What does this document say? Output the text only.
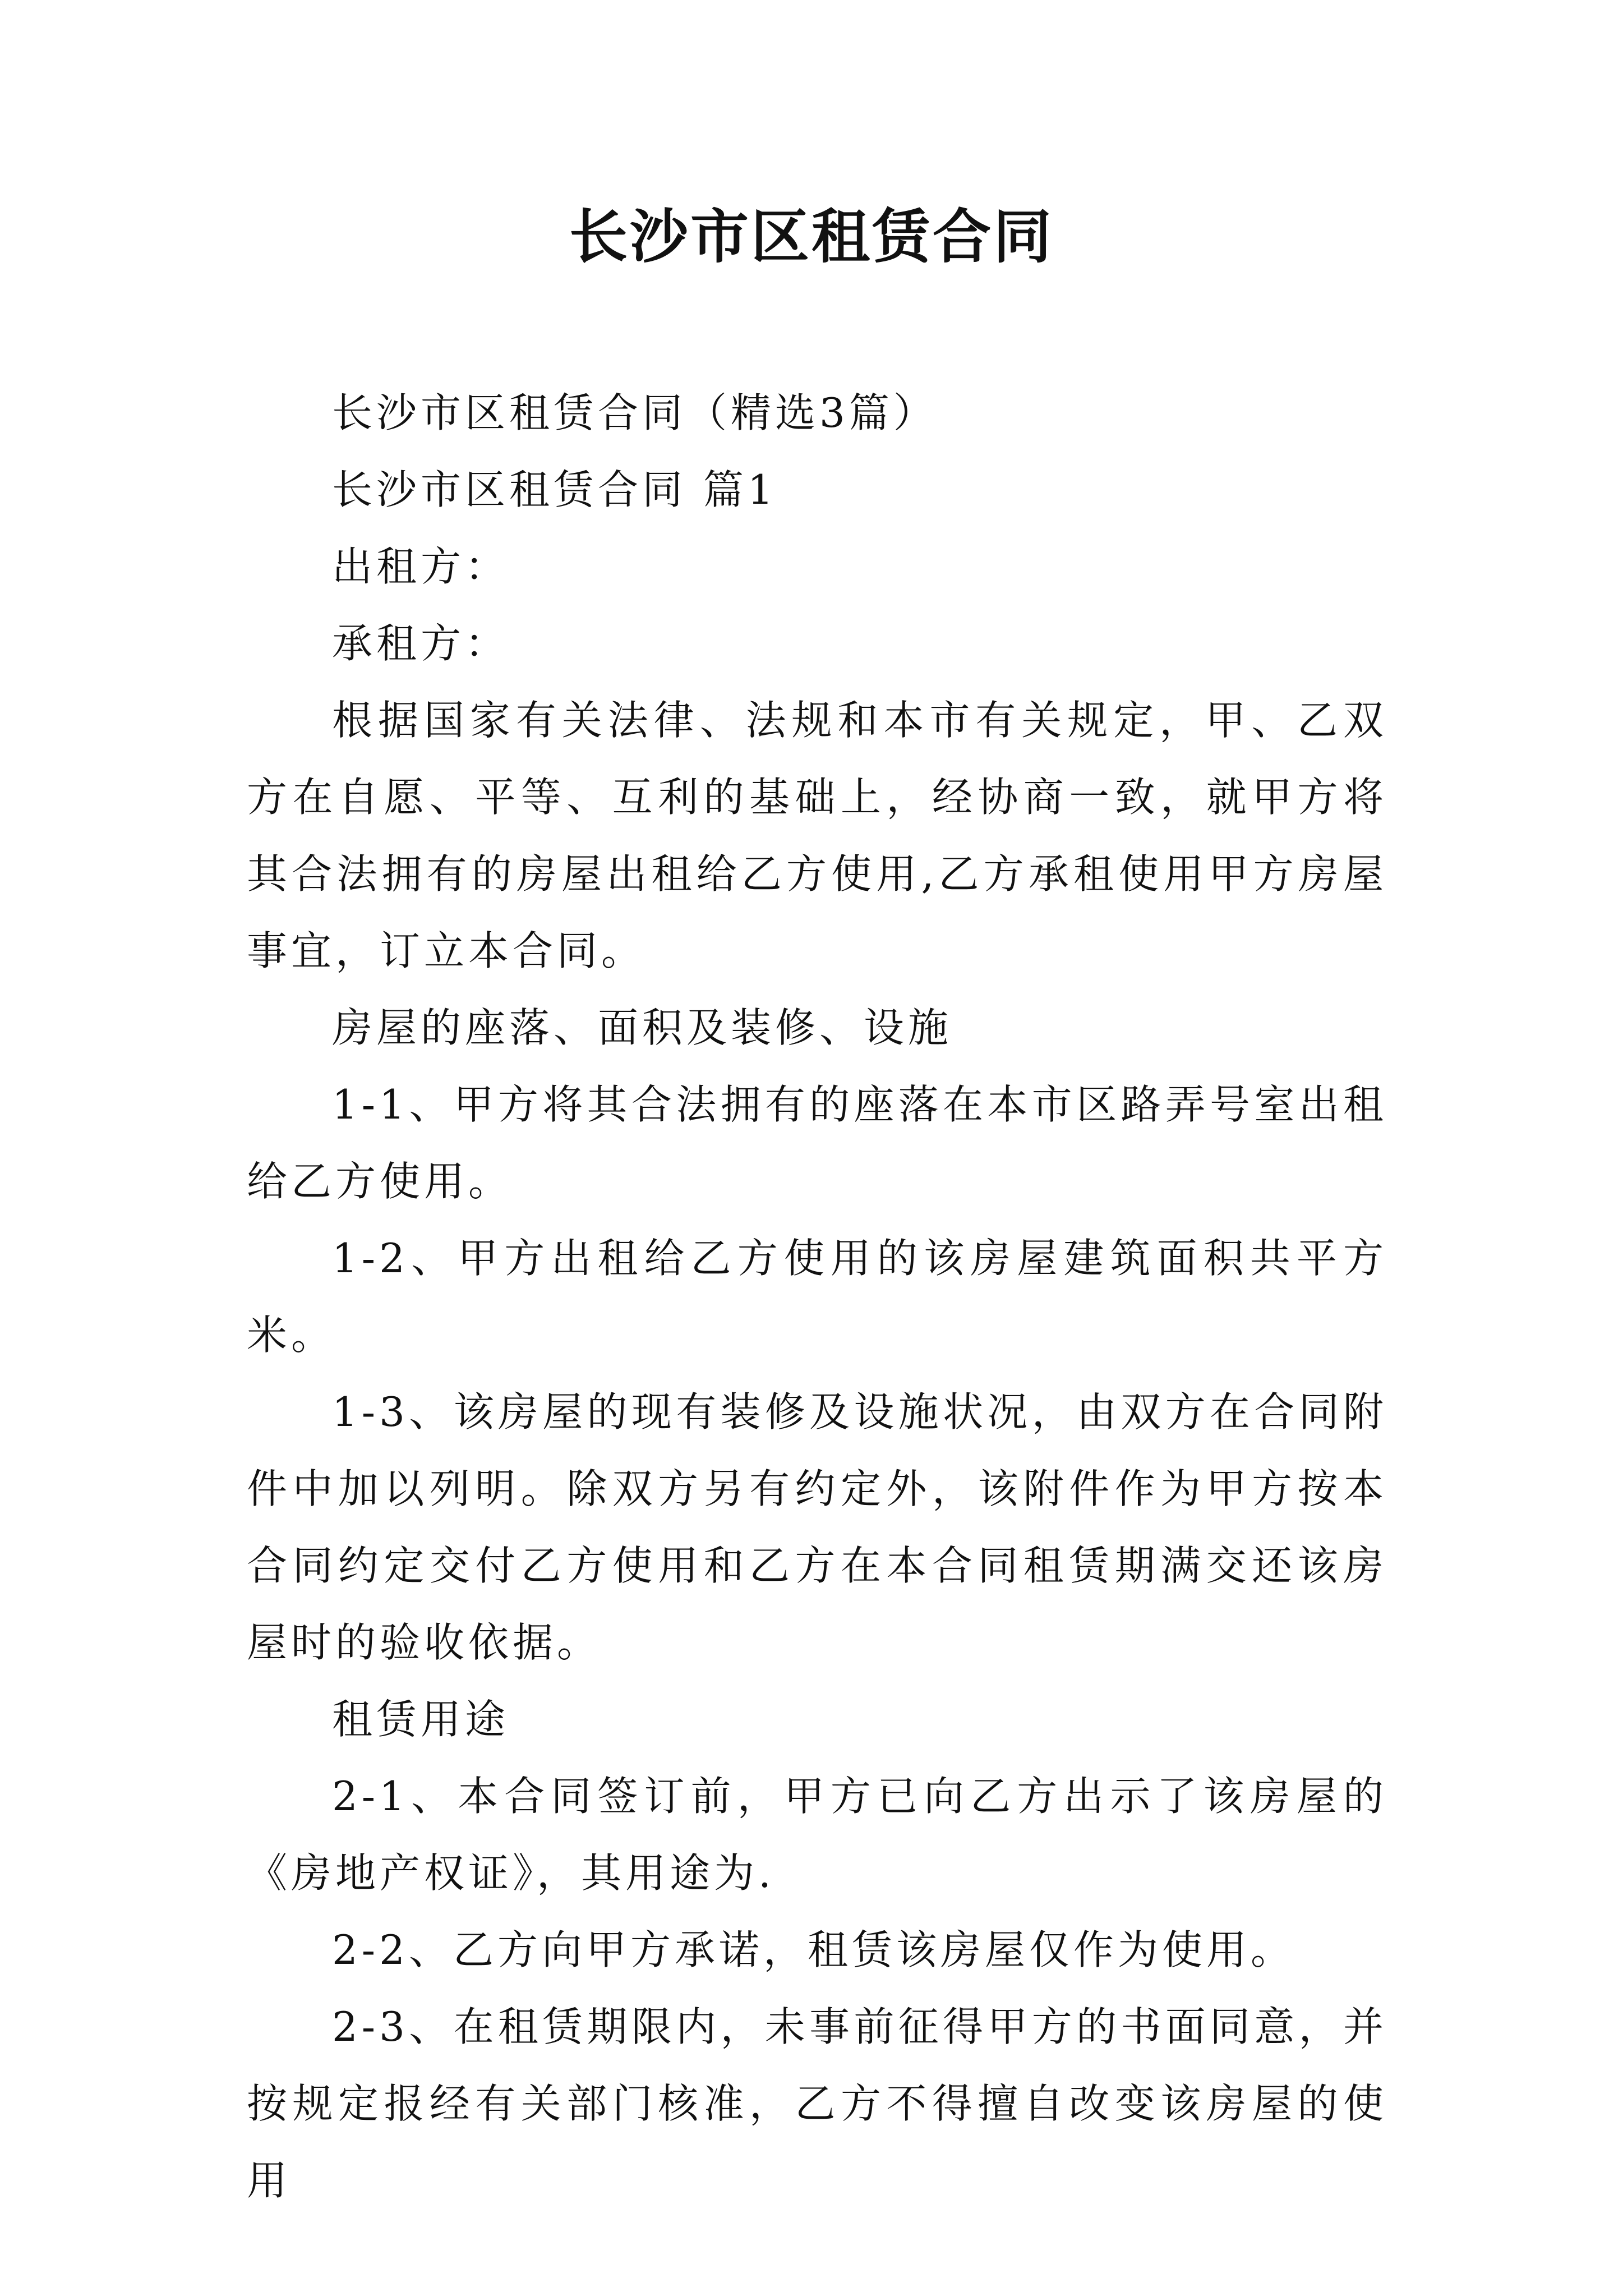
长沙市区租赁合同

长沙市区租赁合同（精选3篇）

长沙市区租赁合同 篇1

出租方：

承租方：

根据国家有关法律、法规和本市有关规定，甲、乙双方在自愿、平等、互利的基础上，经协商一致，就甲方将其合法拥有的房屋出租给乙方使用,乙方承租使用甲方房屋事宜，订立本合同。

房屋的座落、面积及装修、设施

1-1、甲方将其合法拥有的座落在本市区路弄号室出租给乙方使用。

1-2、甲方出租给乙方使用的该房屋建筑面积共平方米。

1-3、该房屋的现有装修及设施状况，由双方在合同附件中加以列明。除双方另有约定外，该附件作为甲方按本合同约定交付乙方使用和乙方在本合同租赁期满交还该房屋时的验收依据。

租赁用途

2-1、本合同签订前，甲方已向乙方出示了该房屋的《房地产权证》，其用途为.

2-2、乙方向甲方承诺，租赁该房屋仅作为使用。

2-3、在租赁期限内，未事前征得甲方的书面同意，并按规定报经有关部门核准，乙方不得擅自改变该房屋的使用
